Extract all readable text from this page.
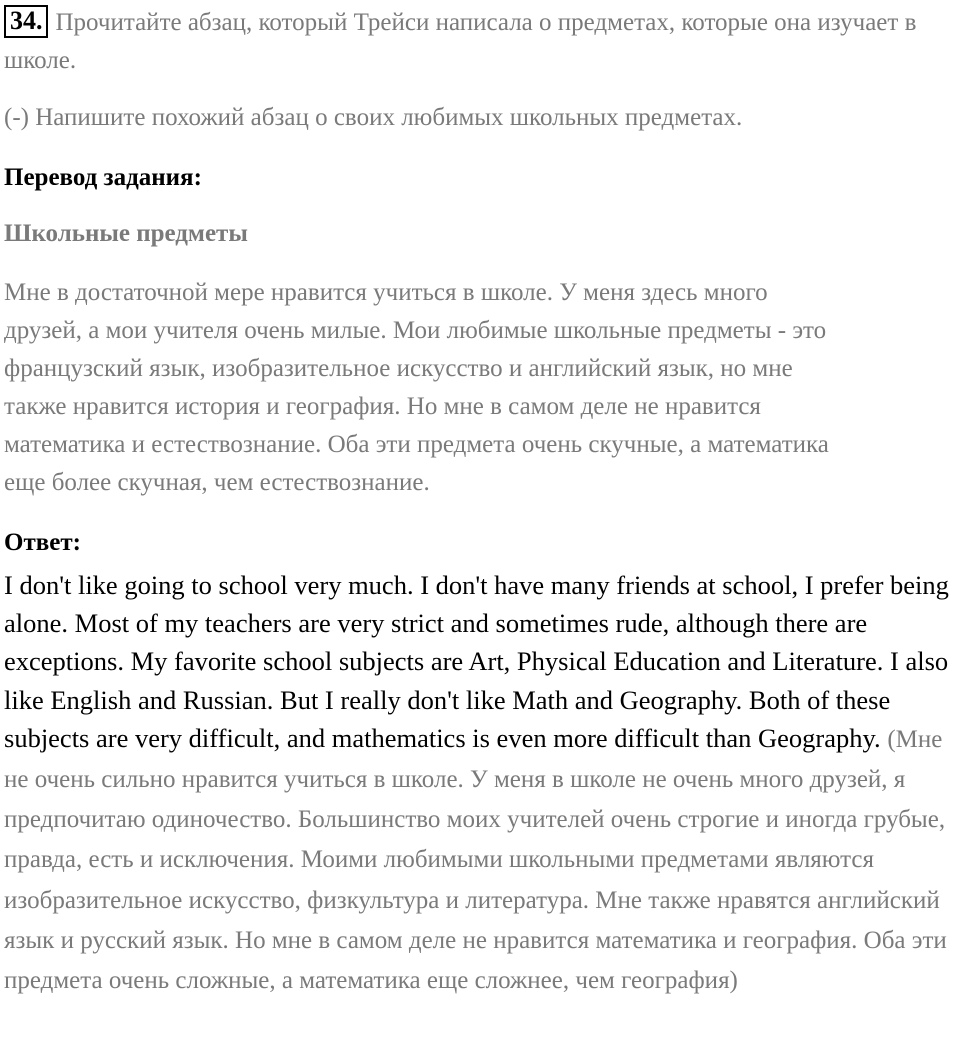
34. Прочитайте абзац, который Трейси написала о предметах, которые она изучает в школе.

(-) Напишите похожий абзац о своих любимых школьных предметах.

Перевод задания:

Школьные предметы

Мне в достаточной мере нравится учиться в школе. У меня здесь много

друзей, а мои учителя очень милые. Мои любимые школьные предметы - это

французский язык, изобразительное искусство и английский язык, но мне

также нравится история и география. Но мне в самом деле не нравится

математика и естествознание. Оба эти предмета очень скучные, а математика

еще более скучная, чем естествознание.

Ответ:

I don't like going to school very much. I don't have many friends at school, I prefer being alone. Most of my teachers are very strict and sometimes rude, although there are exceptions. My favorite school subjects are Art, Physical Education and Literature. I also like English and Russian. But I really don't like Math and Geography. Both of these subjects are very difficult, and mathematics is even more difficult than Geography. (Мне не очень сильно нравится учиться в школе. У меня в школе не очень много друзей, я предпочитаю одиночество. Большинство моих учителей очень строгие и иногда грубые, правда, есть и исключения. Моими любимыми школьными предметами являются изобразительное искусство, физкультура и литература. Мне также нравятся английский язык и русский язык. Но мне в самом деле не нравится математика и география. Оба эти предмета очень сложные, а математика еще сложнее, чем география)
